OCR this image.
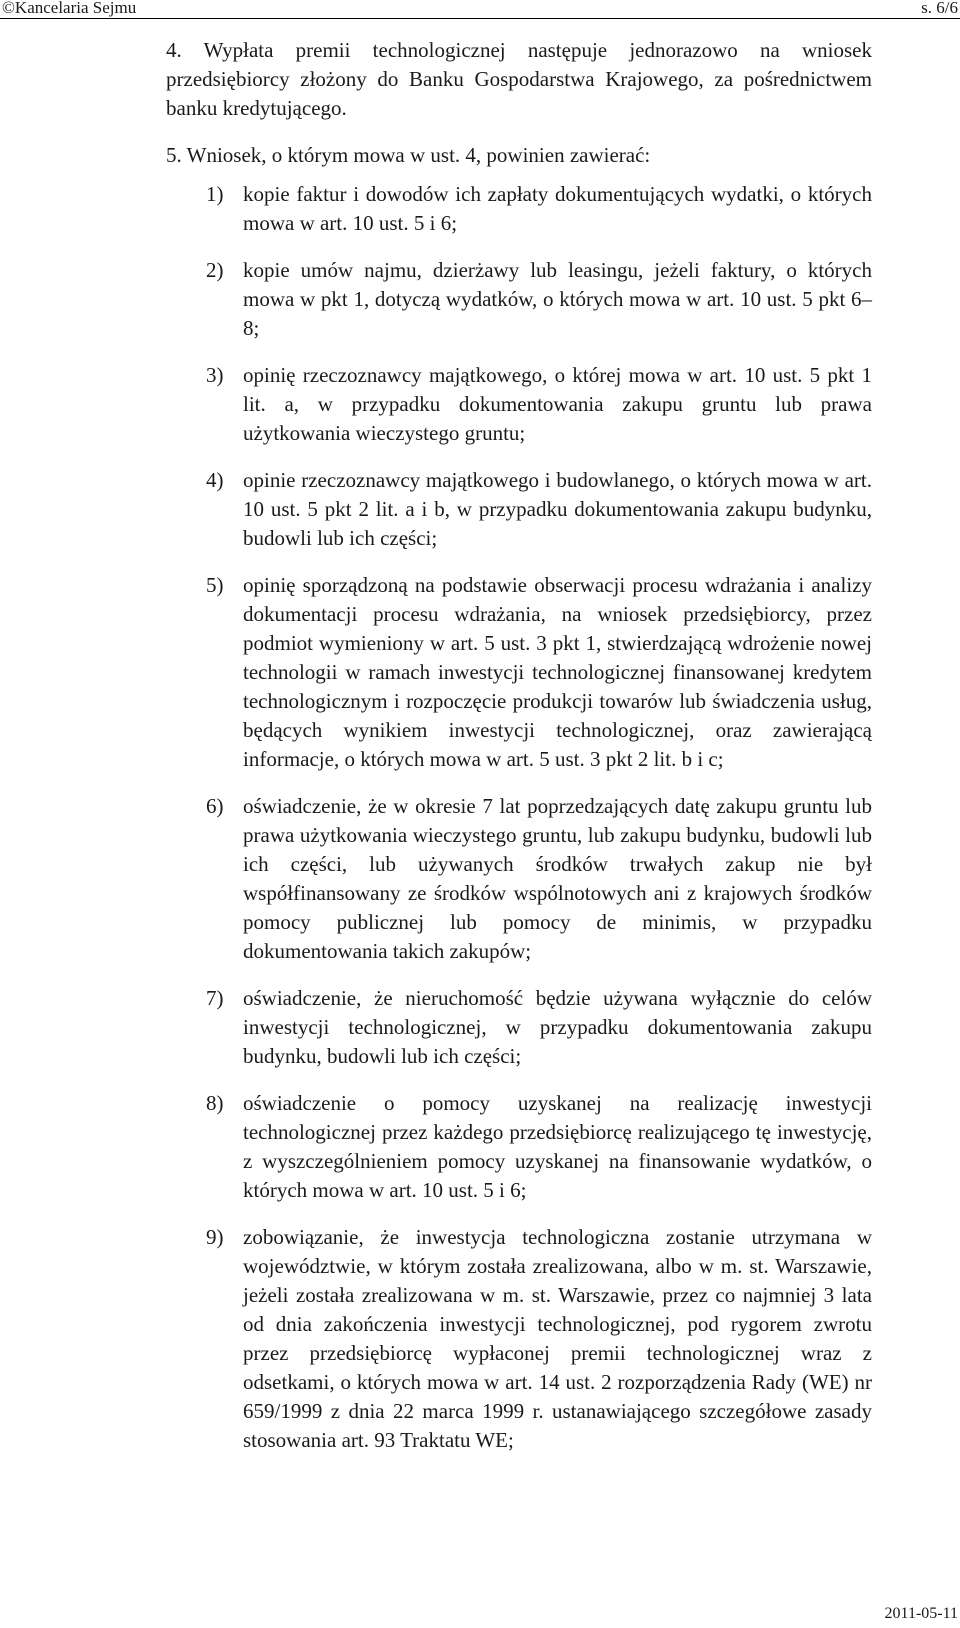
©Kancelaria Sejmu	s. 6/6

4. Wypłata premii technologicznej następuje jednorazowo na wniosek przedsiębiorcy złożony do Banku Gospodarstwa Krajowego, za pośrednictwem banku kredytującego.

5. Wniosek, o którym mowa w ust. 4, powinien zawierać:

1) kopie faktur i dowodów ich zapłaty dokumentujących wydatki, o których mowa w art. 10 ust. 5 i 6;
2) kopie umów najmu, dzierżawy lub leasingu, jeżeli faktury, o których mowa w pkt 1, dotyczą wydatków, o których mowa w art. 10 ust. 5 pkt 6–8;
3) opinię rzeczoznawcy majątkowego, o której mowa w art. 10 ust. 5 pkt 1 lit. a, w przypadku dokumentowania zakupu gruntu lub prawa użytkowania wieczystego gruntu;
4) opinie rzeczoznawcy majątkowego i budowlanego, o których mowa w art. 10 ust. 5 pkt 2 lit. a i b, w przypadku dokumentowania zakupu budynku, budowli lub ich części;
5) opinię sporządzoną na podstawie obserwacji procesu wdrażania i analizy dokumentacji procesu wdrażania, na wniosek przedsiębiorcy, przez podmiot wymieniony w art. 5 ust. 3 pkt 1, stwierdzającą wdrożenie nowej technologii w ramach inwestycji technologicznej finansowanej kredytem technologicznym i rozpoczęcie produkcji towarów lub świadczenia usług, będących wynikiem inwestycji technologicznej, oraz zawierającą informacje, o których mowa w art. 5 ust. 3 pkt 2 lit. b i c;
6) oświadczenie, że w okresie 7 lat poprzedzających datę zakupu gruntu lub prawa użytkowania wieczystego gruntu, lub zakupu budynku, budowli lub ich części, lub używanych środków trwałych zakup nie był współfinansowany ze środków wspólnotowych ani z krajowych środków pomocy publicznej lub pomocy de minimis, w przypadku dokumentowania takich zakupów;
7) oświadczenie, że nieruchomość będzie używana wyłącznie do celów inwestycji technologicznej, w przypadku dokumentowania zakupu budynku, budowli lub ich części;
8) oświadczenie o pomocy uzyskanej na realizację inwestycji technologicznej przez każdego przedsiębiorcę realizującego tę inwestycję, z wyszczególnieniem pomocy uzyskanej na finansowanie wydatków, o których mowa w art. 10 ust. 5 i 6;
9) zobowiązanie, że inwestycja technologiczna zostanie utrzymana w województwie, w którym została zrealizowana, albo w m. st. Warszawie, jeżeli została zrealizowana w m. st. Warszawie, przez co najmniej 3 lata od dnia zakończenia inwestycji technologicznej, pod rygorem zwrotu przez przedsiębiorcę wypłaconej premii technologicznej wraz z odsetkami, o których mowa w art. 14 ust. 2 rozporządzenia Rady (WE) nr 659/1999 z dnia 22 marca 1999 r. ustanawiającego szczegółowe zasady stosowania art. 93 Traktatu WE;
2011-05-11
